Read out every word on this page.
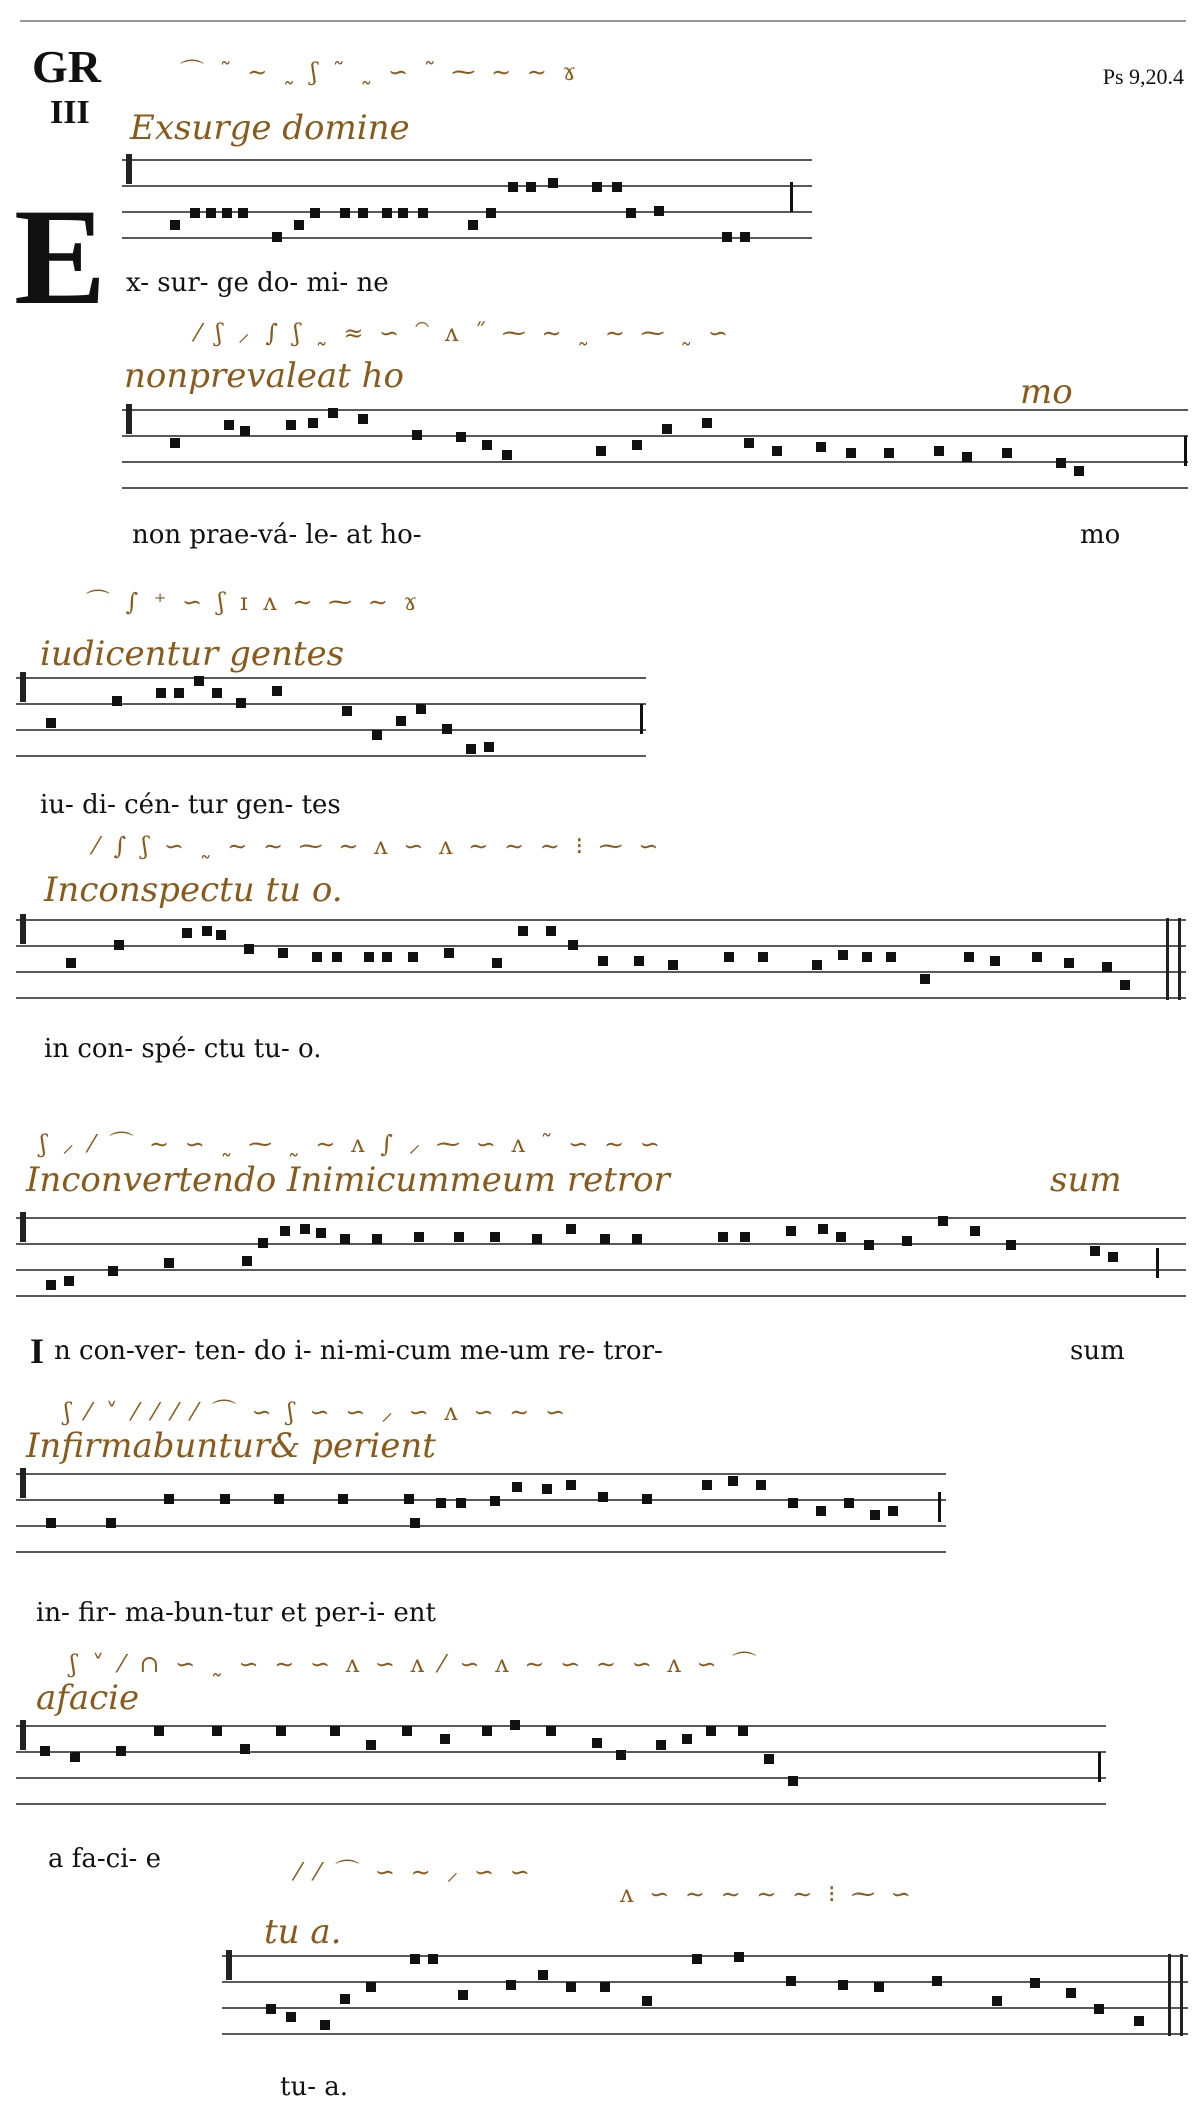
GR
III
Ps 9,20.4
E
⌒ ˜ ∼ ˷ ʃ ˜ ˷ ∽ ˜ ⁓ ∼ ∼ ɤ
Exsurge domine
x- sur- ge do- mi- ne
⁄ ʃ ⸝ ∫ ʃ ˷ ≈ ∽ ⁀ ʌ ˝ ⁓ ∼ ˷ ∼ ⁓ ˷ ∽
nonprevaleat ho	mo
non prae-vá- le- at ho-	mo
⌒ ∫ ⁺ ∽ ʃ ɪ ʌ ∼ ⁓ ∼ ɤ
iudicentur gentes
iu- di- cén- tur gen- tes
⁄ ∫ ʃ ∽ ˷ ∼ ∼ ⁓ ∼ ʌ ∽ ʌ ∼ ∼ ∼ ⁝ ⁓ ∽
Inconspectu tu o.
in con- spé- ctu tu- o.
ʃ ⸝ ⁄ ⌒ ∼ ∽ ˷ ⁓ ˷ ∼ ʌ ∫ ⸝ ⁓ ∽ ʌ ˜ ∽ ∼ ∽
Inconvertendo Inimicummeum retror	sum
I n con-ver- ten- do i- ni-mi-cum me-um re- tror-	sum
ʃ ⁄ ˅ ⁄ ⁄ ⁄ ⁄ ⌒ ∽ ʃ ∽ ∽ ⸝ ∽ ʌ ∽ ∼ ∽
Infirmabuntur& perient
in- fir- ma-bun-tur et per-i- ent
ʃ ˅ ⁄ ∩ ∽ ˷ ∽ ∼ ∽ ʌ ∽ ʌ ⁄ ∽ ʌ ∼ ∽ ∼ ∽ ʌ ∽ ⌒
afacie
a fa-ci- e	⁄ ⁄ ⌒ ∽ ∼ ⸝ ∽ ∽
ʌ ∽ ∼ ∼ ∼ ∼ ⁝ ⁓ ∽
tu a.
tu- a.
